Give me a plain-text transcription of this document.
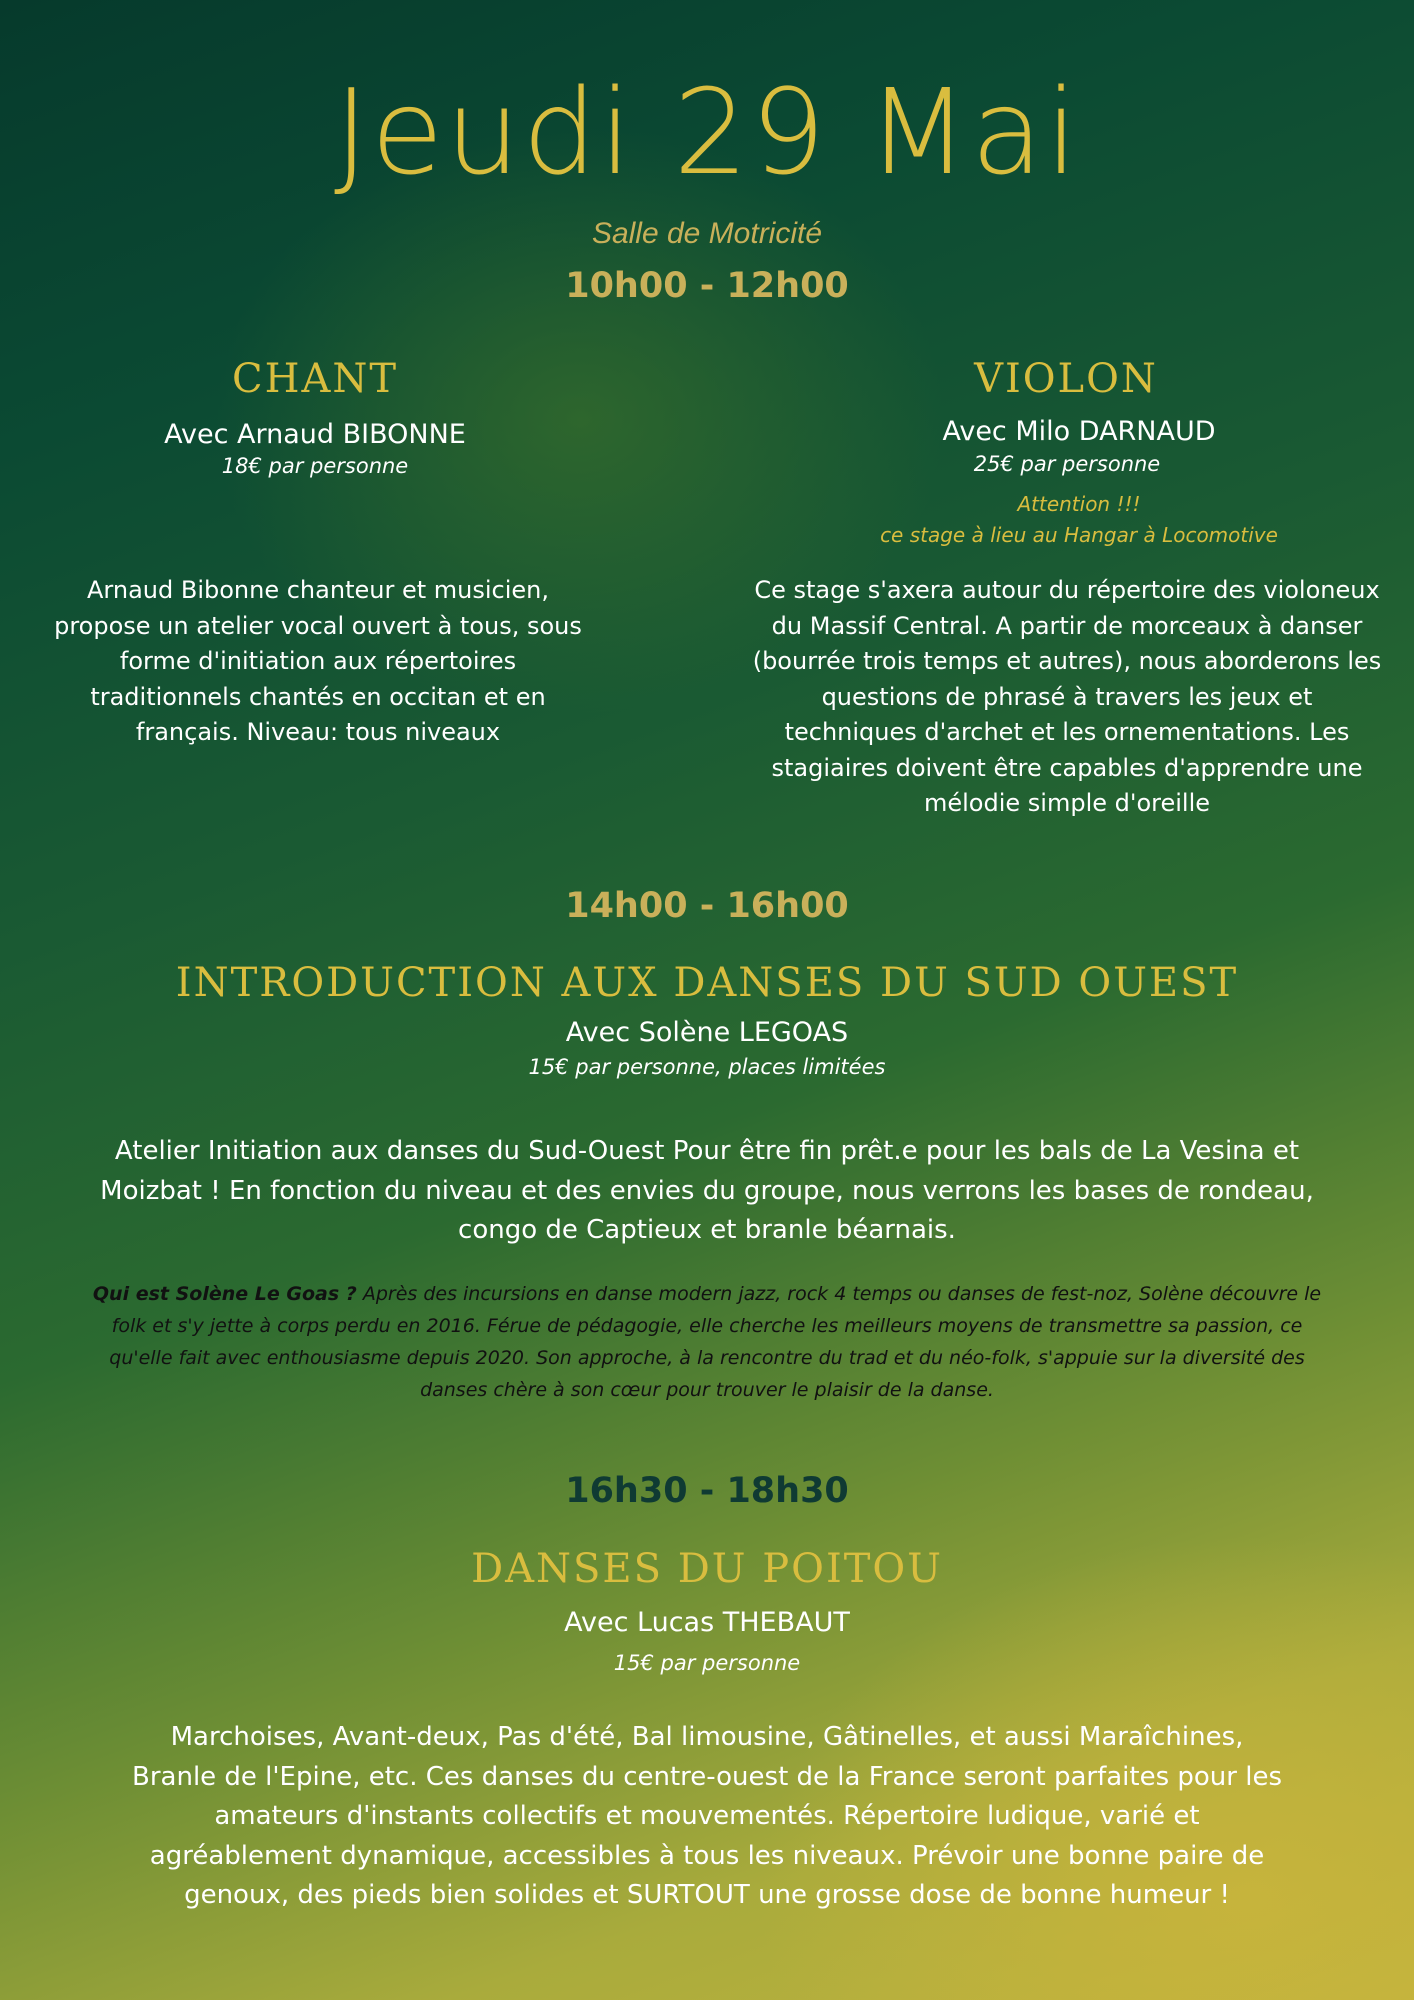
Jeudi 29 Mai
Salle de Motricité
10h00 - 12h00
CHANT
Avec Arnaud BIBONNE
18€ par personne
Arnaud Bibonne chanteur et musicien, propose un atelier vocal ouvert à tous, sous forme d'initiation aux répertoires traditionnels chantés en occitan et en français. Niveau: tous niveaux
VIOLON
Avec Milo DARNAUD
25€ par personne
Attention !!!
ce stage à lieu au Hangar à Locomotive
Ce stage s'axera autour du répertoire des violoneux du Massif Central. A partir de morceaux à danser (bourrée trois temps et autres), nous aborderons les questions de phrasé à travers les jeux et techniques d'archet et les ornementations. Les stagiaires doivent être capables d'apprendre une mélodie simple d'oreille
14h00 - 16h00
INTRODUCTION AUX DANSES DU SUD OUEST
Avec Solène LEGOAS
15€ par personne, places limitées
Atelier Initiation aux danses du Sud-Ouest Pour être fin prêt.e pour les bals de La Vesina et Moizbat ! En fonction du niveau et des envies du groupe, nous verrons les bases de rondeau, congo de Captieux et branle béarnais.
Qui est Solène Le Goas ? Après des incursions en danse modern jazz, rock 4 temps ou danses de fest-noz, Solène découvre le folk et s'y jette à corps perdu en 2016. Férue de pédagogie, elle cherche les meilleurs moyens de transmettre sa passion, ce qu'elle fait avec enthousiasme depuis 2020. Son approche, à la rencontre du trad et du néo-folk, s'appuie sur la diversité des danses chère à son cœur pour trouver le plaisir de la danse.
16h30 - 18h30
DANSES DU POITOU
Avec Lucas THEBAUT
15€ par personne
Marchoises, Avant-deux, Pas d'été, Bal limousine, Gâtinelles, et aussi Maraîchines, Branle de l'Epine, etc. Ces danses du centre-ouest de la France seront parfaites pour les amateurs d'instants collectifs et mouvementés. Répertoire ludique, varié et agréablement dynamique, accessibles à tous les niveaux. Prévoir une bonne paire de genoux, des pieds bien solides et SURTOUT une grosse dose de bonne humeur !
